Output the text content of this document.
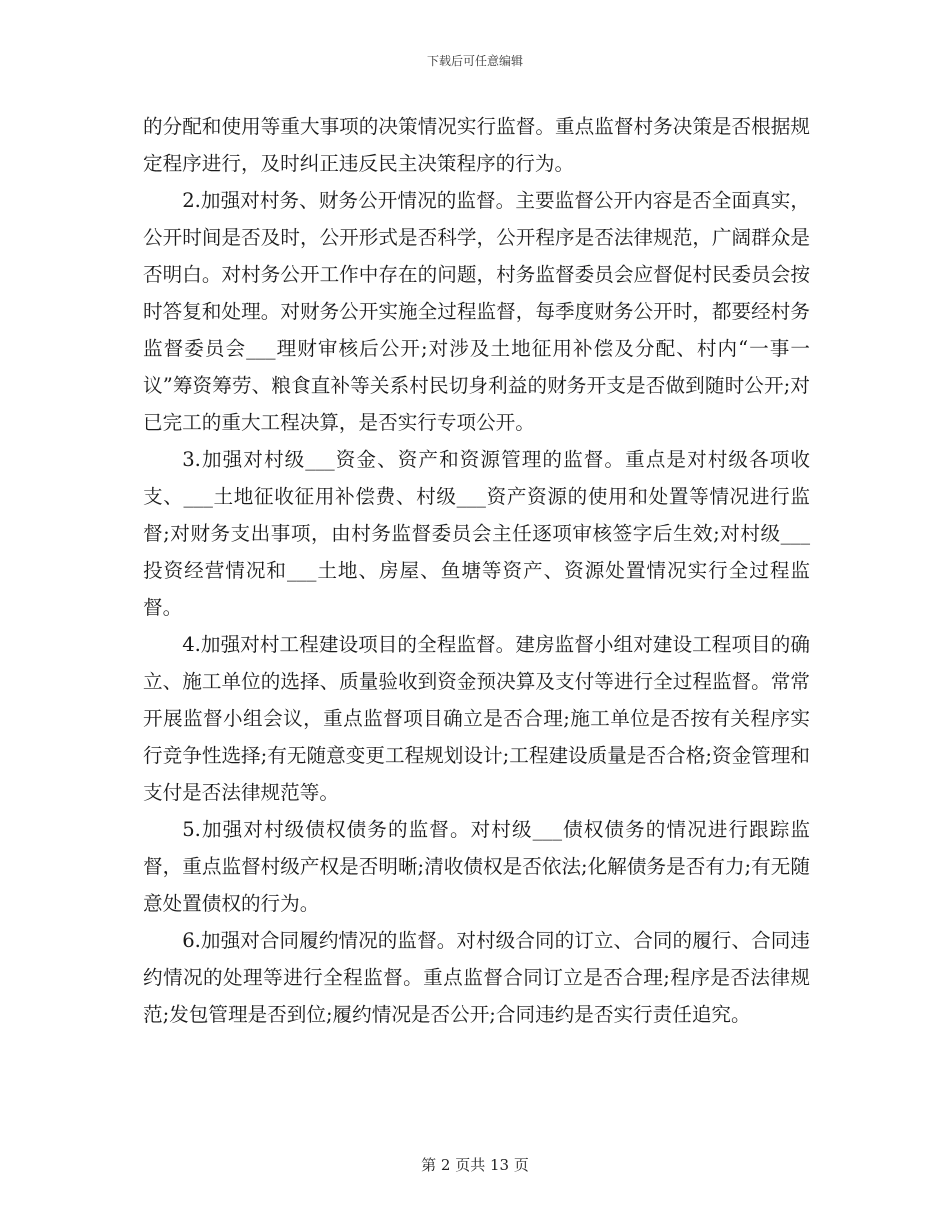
下载后可任意编辑

的分配和使用等重大事项的决策情况实行监督。重点监督村务决策是否根据规定程序进行，及时纠正违反民主决策程序的行为。

2.加强对村务、财务公开情况的监督。主要监督公开内容是否全面真实，公开时间是否及时，公开形式是否科学，公开程序是否法律规范，广阔群众是否明白。对村务公开工作中存在的问题，村务监督委员会应督促村民委员会按时答复和处理。对财务公开实施全过程监督，每季度财务公开时，都要经村务监督委员会___理财审核后公开;对涉及土地征用补偿及分配、村内“一事一议”筹资筹劳、粮食直补等关系村民切身利益的财务开支是否做到随时公开;对已完工的重大工程决算，是否实行专项公开。

3.加强对村级___资金、资产和资源管理的监督。重点是对村级各项收支、___土地征收征用补偿费、村级___资产资源的使用和处置等情况进行监督;对财务支出事项，由村务监督委员会主任逐项审核签字后生效;对村级___投资经营情况和___土地、房屋、鱼塘等资产、资源处置情况实行全过程监督。

4.加强对村工程建设项目的全程监督。建房监督小组对建设工程项目的确立、施工单位的选择、质量验收到资金预决算及支付等进行全过程监督。常常开展监督小组会议，重点监督项目确立是否合理;施工单位是否按有关程序实行竞争性选择;有无随意变更工程规划设计;工程建设质量是否合格;资金管理和支付是否法律规范等。

5.加强对村级债权债务的监督。对村级___债权债务的情况进行跟踪监督，重点监督村级产权是否明晰;清收债权是否依法;化解债务是否有力;有无随意处置债权的行为。

6.加强对合同履约情况的监督。对村级合同的订立、合同的履行、合同违约情况的处理等进行全程监督。重点监督合同订立是否合理;程序是否法律规范;发包管理是否到位;履约情况是否公开;合同违约是否实行责任追究。

第 2 页共 13 页
